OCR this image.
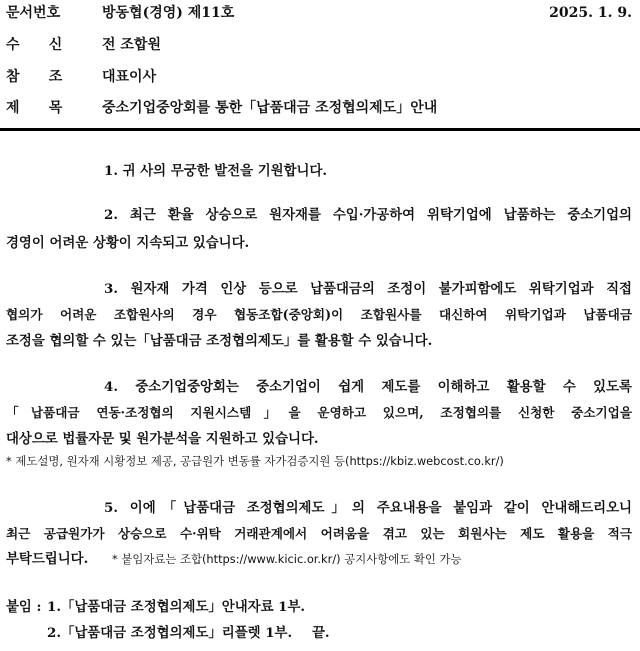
문서번호	방동협(경영) 제11호	2025. 1. 9.
수      신	전 조합원
참      조	대표이사
제      목	중소기업중앙회를 통한「납품대금 조정협의제도」안내
1. 귀 사의 무궁한 발전을 기원합니다.
2. 최근 환율 상승으로 원자재를 수입·가공하여 위탁기업에 납품하는 중소기업의
경영이 어려운 상황이 지속되고 있습니다.
3. 원자재 가격 인상 등으로 납품대금의 조정이 불가피함에도 위탁기업과 직접
협의가 어려운 조합원사의 경우 협동조합(중앙회)이 조합원사를 대신하여 위탁기업과 납품대금
조정을 협의할 수 있는「납품대금 조정협의제도」를 활용할 수 있습니다.
4. 중소기업중앙회는 중소기업이 쉽게 제도를 이해하고 활용할 수 있도록
「납품대금 연동·조정협의 지원시스템」을 운영하고 있으며, 조정협의를 신청한 중소기업을
대상으로 법률자문 및 원가분석을 지원하고 있습니다.
* 제도설명, 원자재 시황정보 제공, 공급원가 변동률 자가검증지원 등(https://kbiz.webcost.co.kr/)
5. 이에「납품대금 조정협의제도」의 주요내용을 붙임과 같이 안내해드리오니
최근 공급원가가 상승으로 수·위탁 거래관계에서 어려움을 겪고 있는 회원사는 제도 활용을 적극
부탁드립니다. * 붙임자료는 조합(https://www.kicic.or.kr/) 공지사항에도 확인 가능
붙임 : 1.「납품대금 조정협의제도」안내자료 1부.
2.「납품대금 조정협의제도」리플렛 1부. 끝.
